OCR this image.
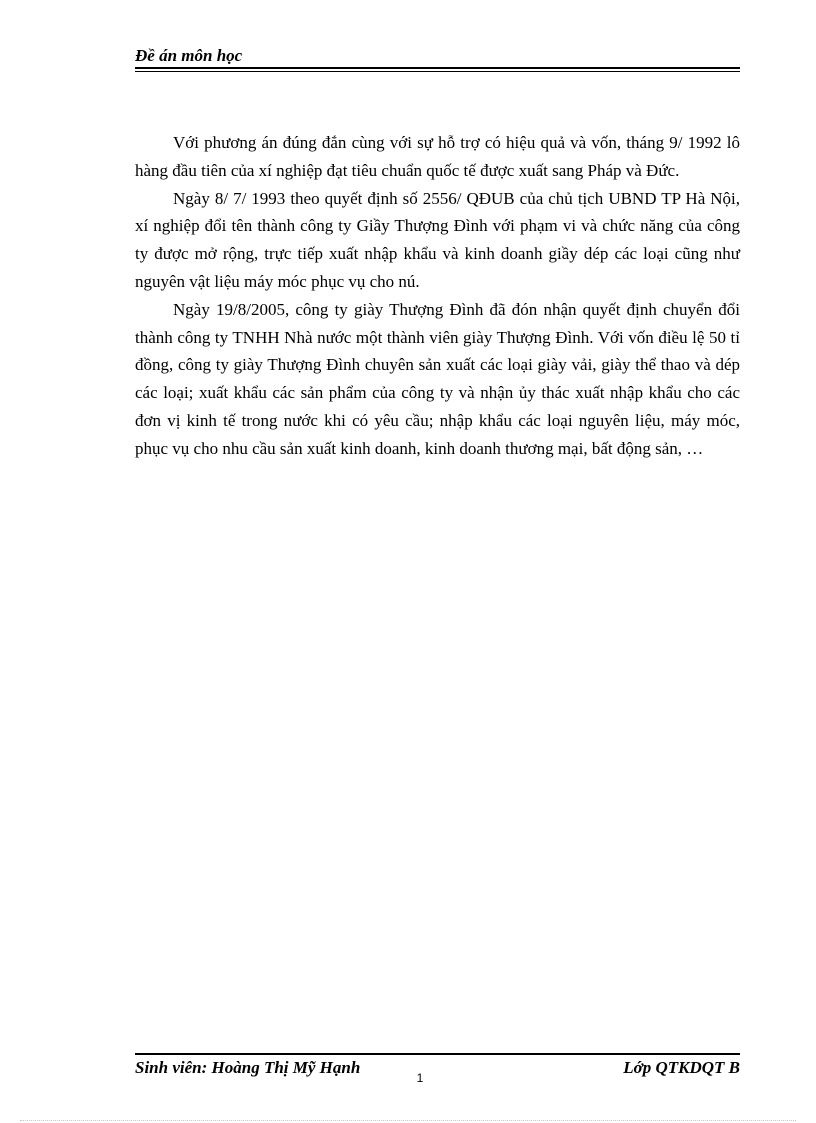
Đề án môn học

Với phương án đúng đắn cùng với sự hỗ trợ có hiệu quả và vốn, tháng 9/ 1992 lô hàng đầu tiên của xí nghiệp đạt tiêu chuẩn quốc tế được xuất sang Pháp và Đức.

Ngày 8/ 7/ 1993 theo quyết định số 2556/ QĐUB của chủ tịch UBND TP Hà Nội, xí nghiệp đổi tên thành công ty Giầy Thượng Đình với phạm vi và chức năng của công ty được mở rộng, trực tiếp xuất nhập khẩu và kinh doanh giầy dép các loại cũng như nguyên vật liệu máy móc phục vụ cho nú.

Ngày 19/8/2005, công ty giày Thượng Đình đã đón nhận quyết định chuyển đổi thành công ty TNHH Nhà nước một thành viên giày Thượng Đình. Với vốn điều lệ 50 tỉ đồng, công ty giày Thượng Đình chuyên sản xuất các loại giày vải, giày thể thao và dép các loại; xuất khẩu các sản phẩm của công ty và nhận ủy thác xuất nhập khẩu cho các đơn vị kinh tế trong nước khi có yêu cầu; nhập khẩu các loại nguyên liệu, máy móc, phục vụ cho nhu cầu sản xuất kinh doanh, kinh doanh thương mại, bất động sản, …

Sinh viên: Hoàng Thị Mỹ Hạnh
1
Lớp QTKDQT B
